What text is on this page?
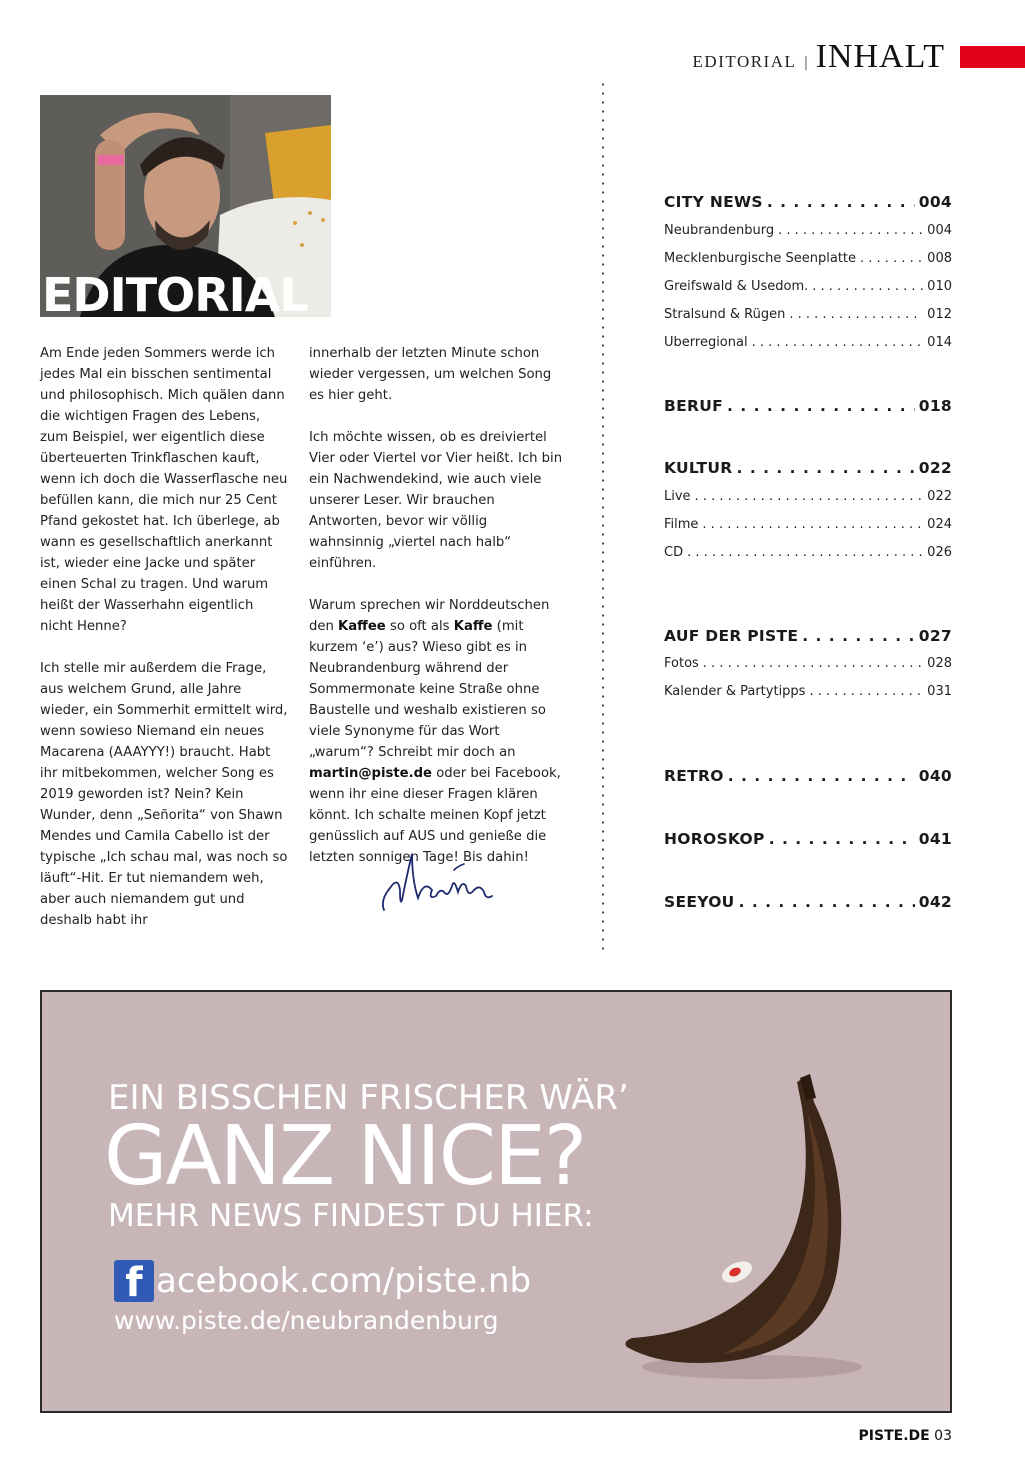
EDITORIAL | INHALT
EDITORIAL

Am Ende jeden Sommers werde ich jedes Mal ein bisschen sentimental und philosophisch. Mich quälen dann die wichtigen Fragen des Lebens, zum Beispiel, wer eigentlich diese überteuerten Trinkflaschen kauft, wenn ich doch die Wasserflasche neu befüllen kann, die mich nur 25 Cent Pfand gekostet hat. Ich überlege, ab wann es gesellschaftlich anerkannt ist, wieder eine Jacke und später einen Schal zu tragen. Und warum heißt der Wasserhahn eigentlich nicht Henne?

Ich stelle mir außerdem die Frage, aus welchem Grund, alle Jahre wieder, ein Sommerhit ermittelt wird, wenn sowieso Niemand ein neues Macarena (AAAYYY!) braucht. Habt ihr mitbekommen, welcher Song es 2019 geworden ist? Nein? Kein Wunder, denn „Señorita“ von Shawn Mendes und Camila Cabello ist der typische „Ich schau mal, was noch so läuft“-Hit. Er tut niemandem weh, aber auch niemandem gut und deshalb habt ihr

innerhalb der letzten Minute schon wieder vergessen, um welchen Song es hier geht.

Ich möchte wissen, ob es dreiviertel Vier oder Viertel vor Vier heißt. Ich bin ein Nachwendekind, wie auch viele unserer Leser. Wir brauchen Antworten, bevor wir völlig wahnsinnig „viertel nach halb“ einführen.

Warum sprechen wir Norddeutschen den Kaffee so oft als Kaffe (mit kurzem ‘e’) aus? Wieso gibt es in Neubrandenburg während der Sommermonate keine Straße ohne Baustelle und weshalb existieren so viele Synonyme für das Wort „warum“? Schreibt mir doch an martin@piste.de oder bei Facebook, wenn ihr eine dieser Fragen klären könnt. Ich schalte meinen Kopf jetzt genüsslich auf AUS und genieße die letzten sonnigen Tage! Bis dahin!

CITY NEWS . . .	004
Neubrandenburg . . .	004
Mecklenburgische Seenplatte . . .	008
Greifswald & Usedom. . . .	010
Stralsund & Rügen . . .	012
Überregional . . .	014
BERUF . . .	018
KULTUR . . .	022
Live . . .	022
Filme . . .	024
CD . . .	026
AUF DER PISTE . . .	027
Fotos . . .	028
Kalender & Partytipps . . .	031
RETRO . . .	040
HOROSKOP . . .	041
SEEYOU . . .	042
EIN BISSCHEN FRISCHER WÄR’
GANZ NICE?
MEHR NEWS FINDEST DU HIER:
f acebook.com/piste.nb
www.piste.de/neubrandenburg
PISTE.DE 03
